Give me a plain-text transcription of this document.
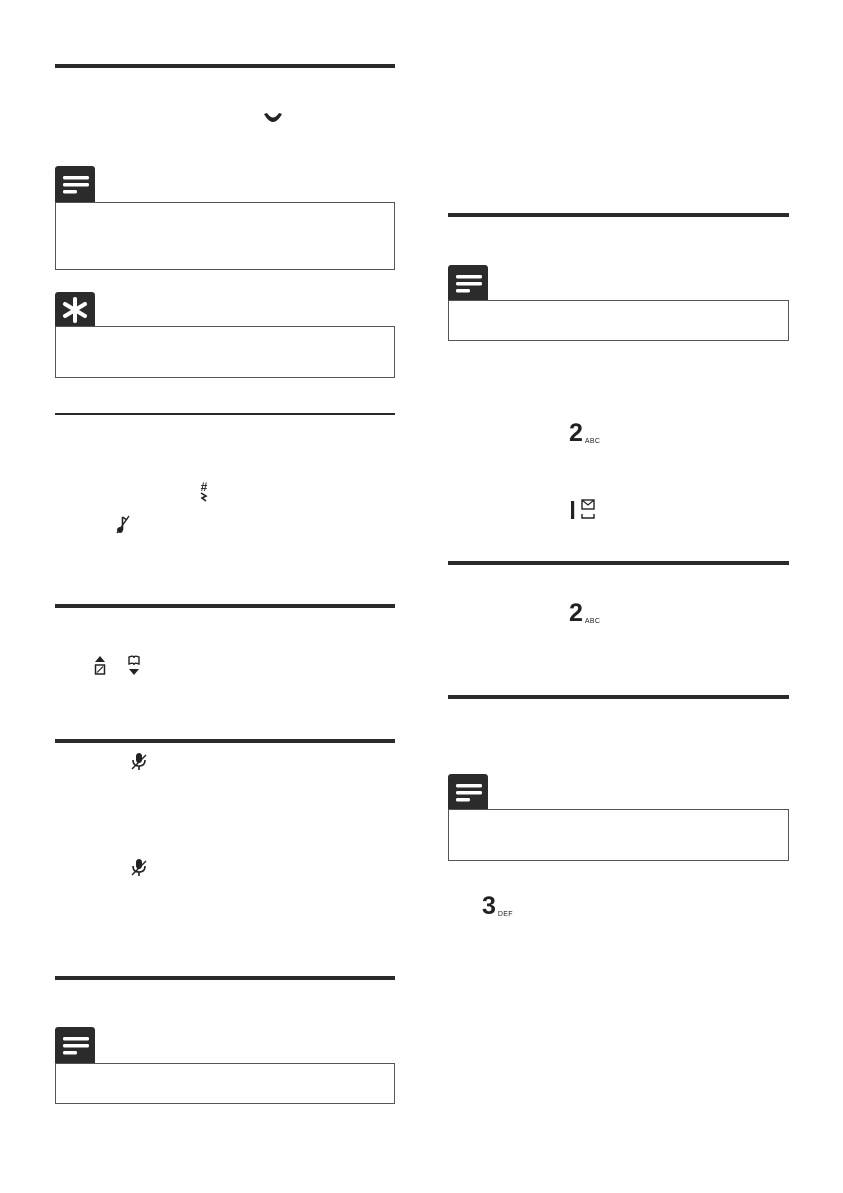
#
2 $_{ABC}$
2 $_{ABC}$
3 $_{DEF}$
